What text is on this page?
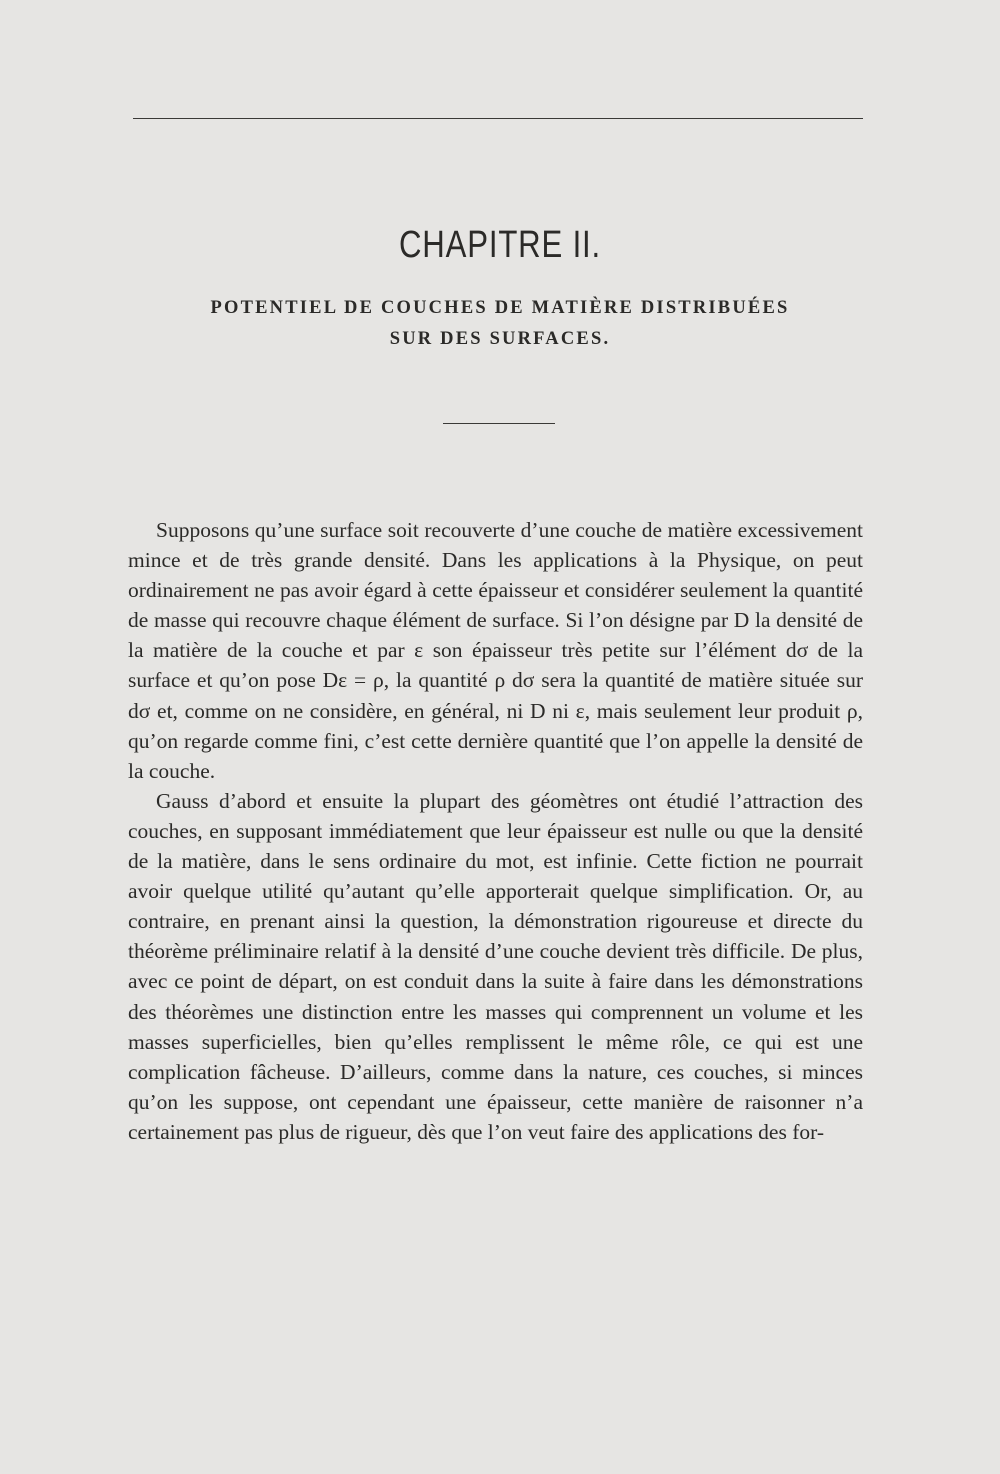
CHAPITRE II.
POTENTIEL DE COUCHES DE MATIÈRE DISTRIBUÉES
SUR DES SURFACES.

Supposons qu’une surface soit recouverte d’une couche de matière excessivement mince et de très grande densité. Dans les applications à la Physique, on peut ordinairement ne pas avoir égard à cette épaisseur et considérer seulement la quantité de masse qui recouvre chaque élément de surface. Si l’on désigne par D la densité de la matière de la couche et par ε son épaisseur très petite sur l’élément dσ de la surface et qu’on pose Dε = ρ, la quantité ρ dσ sera la quantité de matière située sur dσ et, comme on ne considère, en général, ni D ni ε, mais seulement leur produit ρ, qu’on regarde comme fini, c’est cette dernière quantité que l’on appelle la densité de la couche.

Gauss d’abord et ensuite la plupart des géomètres ont étudié l’attraction des couches, en supposant immédiatement que leur épaisseur est nulle ou que la densité de la matière, dans le sens ordinaire du mot, est infinie. Cette fiction ne pourrait avoir quelque utilité qu’autant qu’elle apporterait quelque simplification. Or, au contraire, en prenant ainsi la question, la démonstration rigoureuse et directe du théorème préliminaire relatif à la densité d’une couche devient très difficile. De plus, avec ce point de départ, on est conduit dans la suite à faire dans les démonstrations des théorèmes une distinction entre les masses qui comprennent un volume et les masses superficielles, bien qu’elles remplissent le même rôle, ce qui est une complication fâcheuse. D’ailleurs, comme dans la nature, ces couches, si minces qu’on les suppose, ont cependant une épaisseur, cette manière de raisonner n’a certainement pas plus de rigueur, dès que l’on veut faire des applications des for-
